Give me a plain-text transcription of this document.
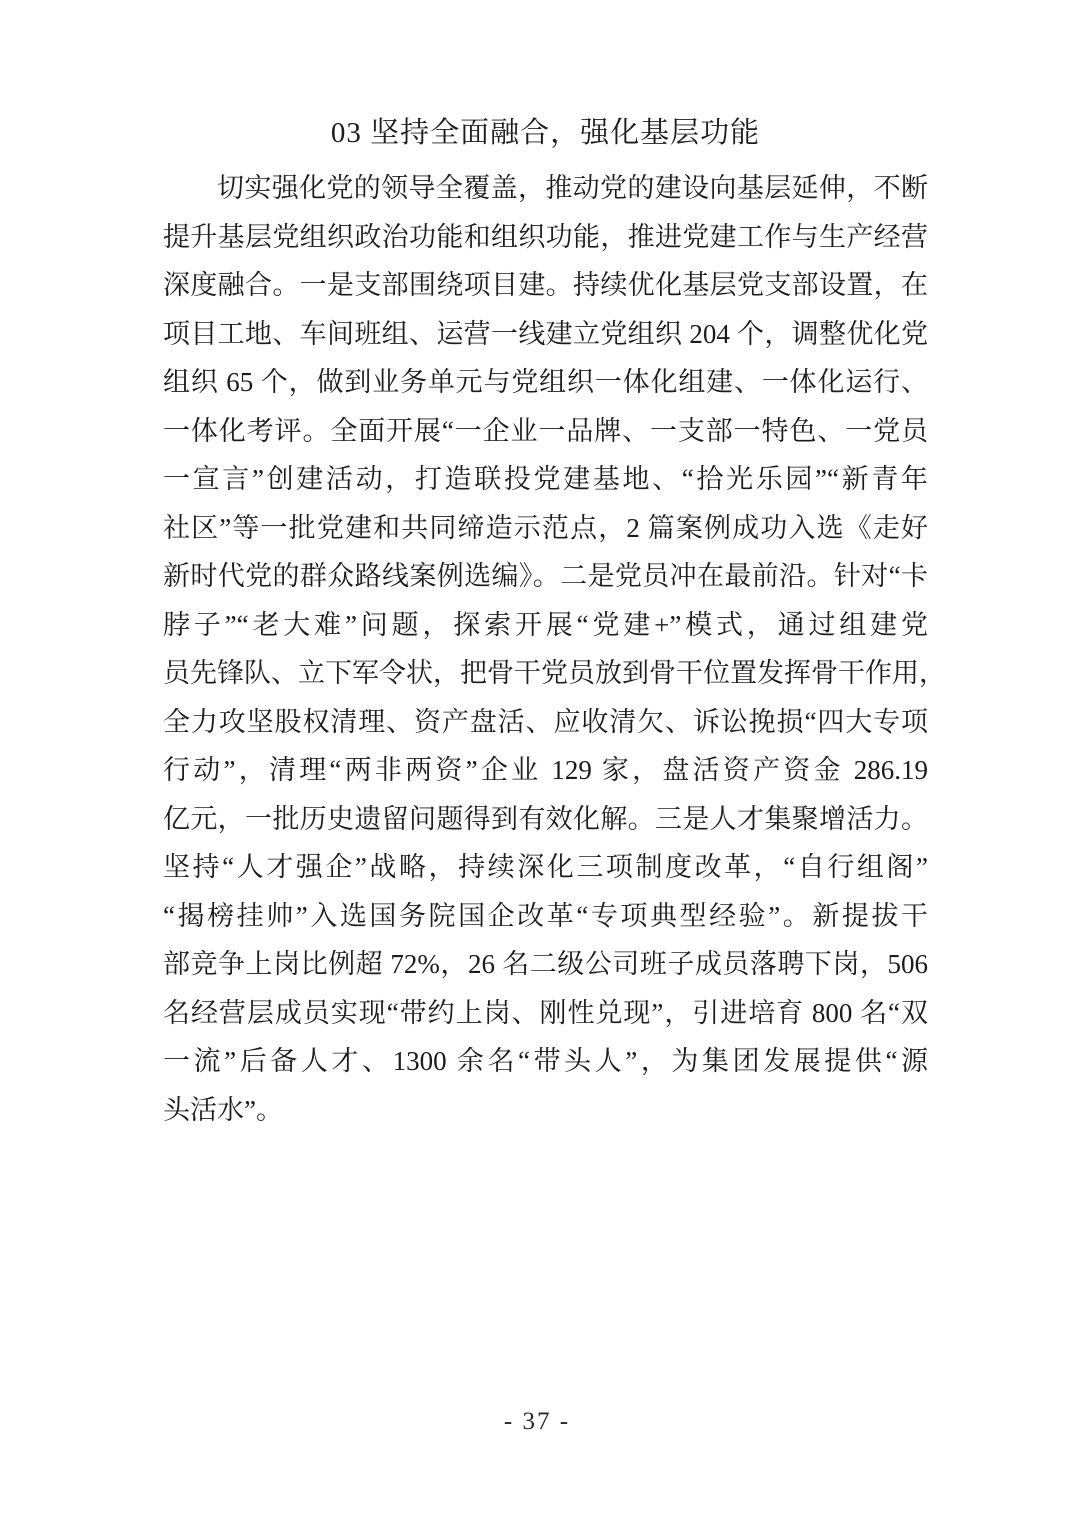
03 坚持全面融合，强化基层功能
切实强化党的领导全覆盖，推动党的建设向基层延伸，不断
提升基层党组织政治功能和组织功能，推进党建工作与生产经营
深度融合。一是支部围绕项目建。持续优化基层党支部设置，在
项目工地、车间班组、运营一线建立党组织 204 个，调整优化党
组织 65 个，做到业务单元与党组织一体化组建、一体化运行、
一体化考评。全面开展“一企业一品牌、一支部一特色、一党员
一宣言”创建活动，打造联投党建基地、“拾光乐园”“新青年
社区”等一批党建和共同缔造示范点，2 篇案例成功入选《走好
新时代党的群众路线案例选编》。二是党员冲在最前沿。针对“卡
脖子”“老大难”问题，探索开展“党建+”模式，通过组建党
员先锋队、立下军令状，把骨干党员放到骨干位置发挥骨干作用，
全力攻坚股权清理、资产盘活、应收清欠、诉讼挽损“四大专项
行动”，清理“两非两资”企业 129 家，盘活资产资金 286.19
亿元，一批历史遗留问题得到有效化解。三是人才集聚增活力。
坚持“人才强企”战略，持续深化三项制度改革，“自行组阁”
“揭榜挂帅”入选国务院国企改革“专项典型经验”。新提拔干
部竞争上岗比例超 72%，26 名二级公司班子成员落聘下岗，506
名经营层成员实现“带约上岗、刚性兑现”，引进培育 800 名“双
一流”后备人才、1300 余名“带头人”，为集团发展提供“源
头活水”。
- 37 -
